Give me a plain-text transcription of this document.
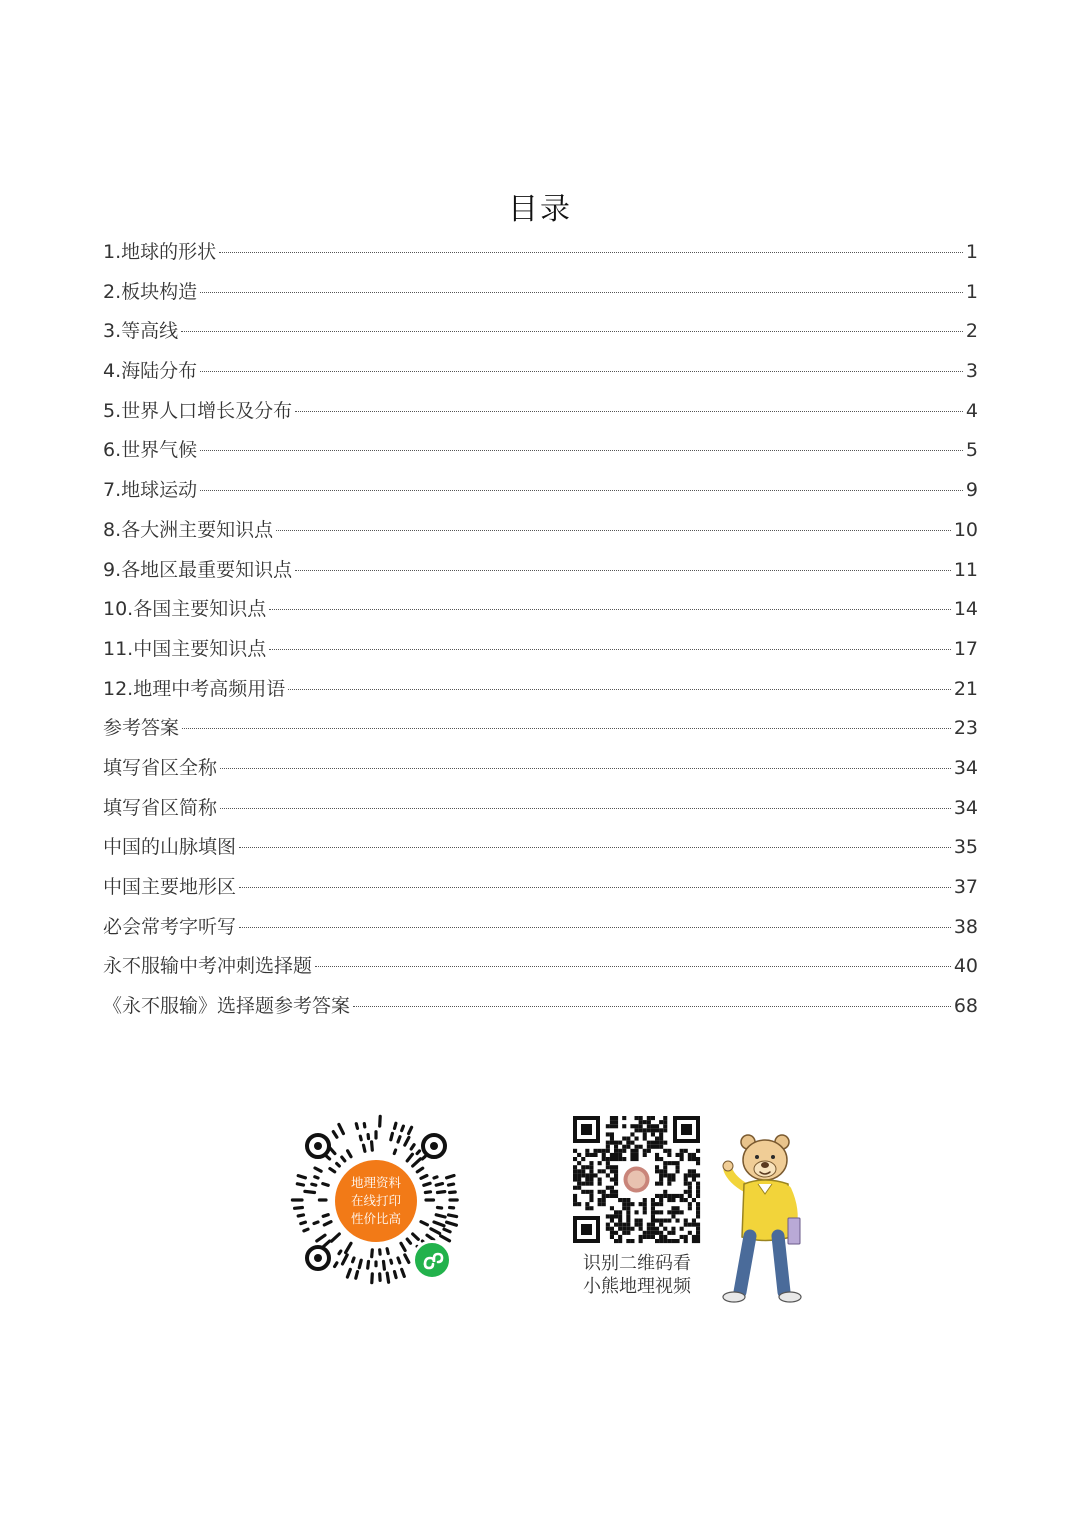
目录
1.地球的形状	1
2.板块构造	1
3.等高线	2
4.海陆分布	3
5.世界人口增长及分布	4
6.世界气候	5
7.地球运动	9
8.各大洲主要知识点	10
9.各地区最重要知识点	11
10.各国主要知识点	14
11.中国主要知识点	17
12.地理中考高频用语	21
参考答案	23
填写省区全称	34
填写省区简称	34
中国的山脉填图	35
中国主要地形区	37
必会常考字听写	38
永不服输中考冲刺选择题	40
《永不服输》选择题参考答案	68
地理资料
在线打印
性价比高
识别二维码看
小熊地理视频
